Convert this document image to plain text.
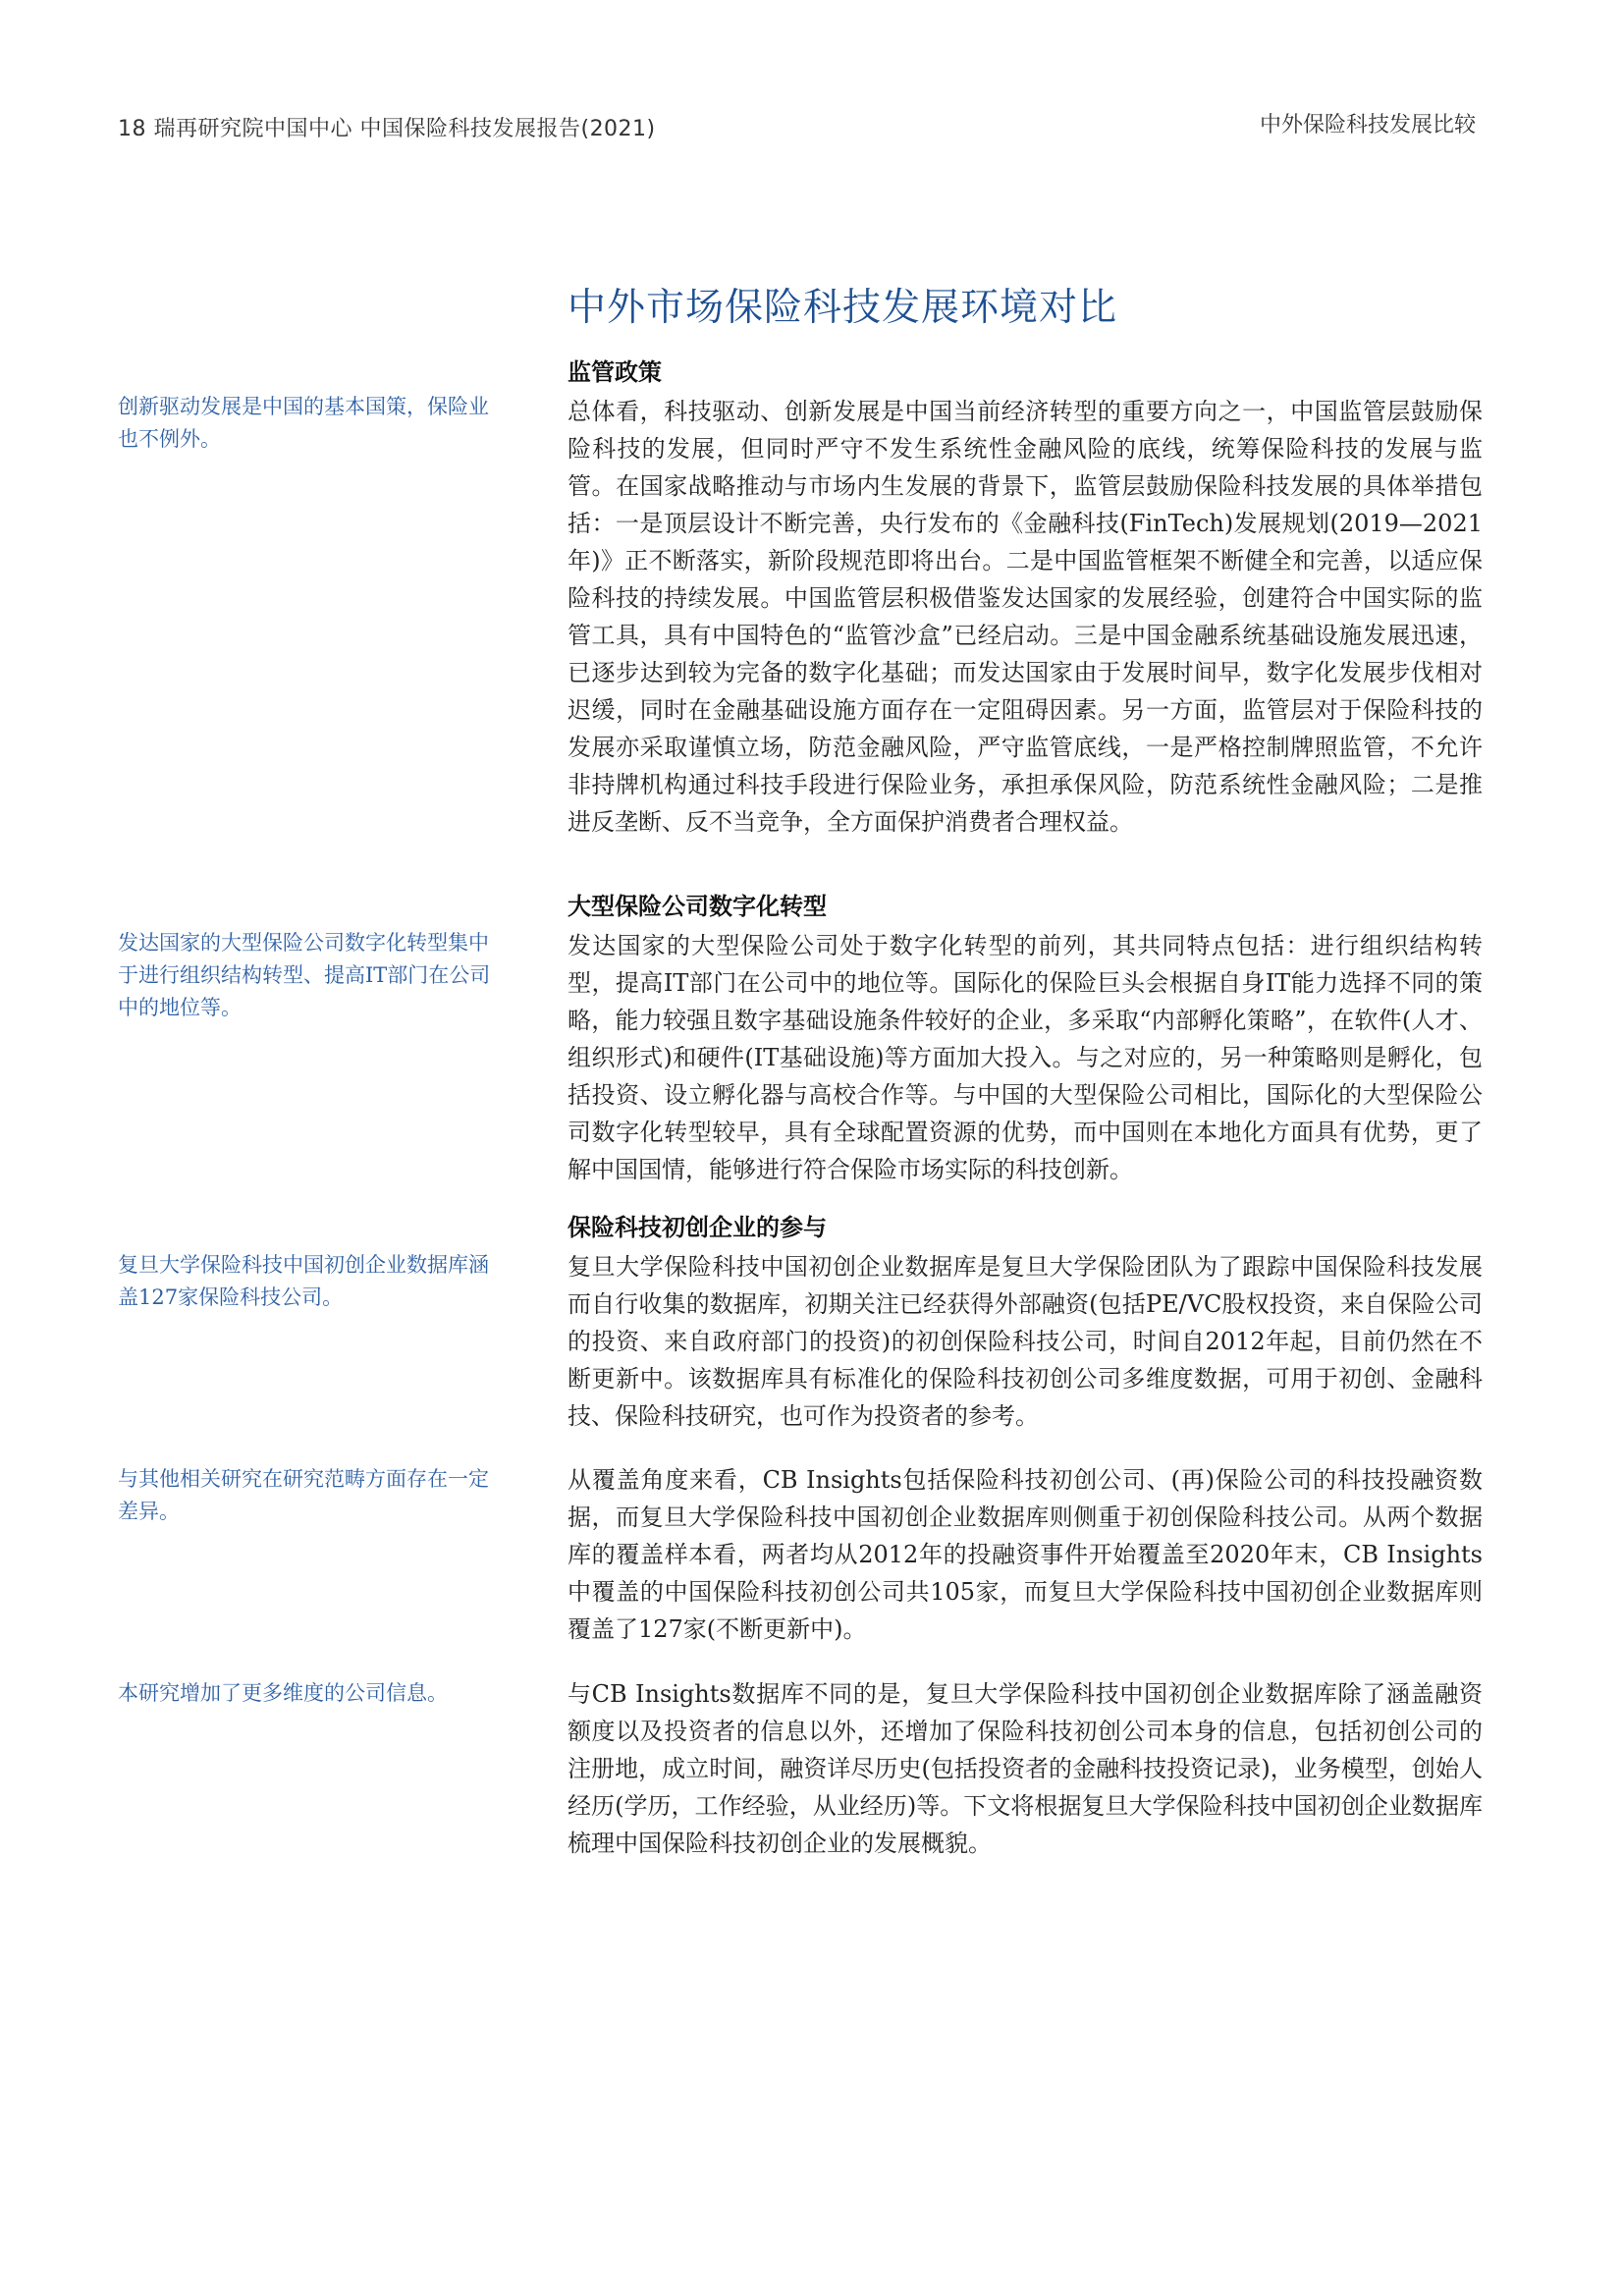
18 瑞再研究院中国中心 中国保险科技发展报告(2021)	中外保险科技发展比较
中外市场保险科技发展环境对比
监管政策

总体看，科技驱动、创新发展是中国当前经济转型的重要方向之一，中国监管层鼓励保险科技的发展，但同时严守不发生系统性金融风险的底线，统筹保险科技的发展与监管。在国家战略推动与市场内生发展的背景下，监管层鼓励保险科技发展的具体举措包括：一是顶层设计不断完善，央行发布的《金融科技(FinTech)发展规划(2019—2021年)》正不断落实，新阶段规范即将出台。二是中国监管框架不断健全和完善，以适应保险科技的持续发展。中国监管层积极借鉴发达国家的发展经验，创建符合中国实际的监管工具，具有中国特色的“监管沙盒”已经启动。三是中国金融系统基础设施发展迅速，已逐步达到较为完备的数字化基础；而发达国家由于发展时间早，数字化发展步伐相对迟缓，同时在金融基础设施方面存在一定阻碍因素。另一方面，监管层对于保险科技的发展亦采取谨慎立场，防范金融风险，严守监管底线，一是严格控制牌照监管，不允许非持牌机构通过科技手段进行保险业务，承担承保风险，防范系统性金融风险；二是推进反垄断、反不当竞争，全方面保护消费者合理权益。

大型保险公司数字化转型

发达国家的大型保险公司处于数字化转型的前列，其共同特点包括：进行组织结构转型，提高IT部门在公司中的地位等。国际化的保险巨头会根据自身IT能力选择不同的策略，能力较强且数字基础设施条件较好的企业，多采取“内部孵化策略”，在软件(人才、组织形式)和硬件(IT基础设施)等方面加大投入。与之对应的，另一种策略则是孵化，包括投资、设立孵化器与高校合作等。与中国的大型保险公司相比，国际化的大型保险公司数字化转型较早，具有全球配置资源的优势，而中国则在本地化方面具有优势，更了解中国国情，能够进行符合保险市场实际的科技创新。

保险科技初创企业的参与

复旦大学保险科技中国初创企业数据库是复旦大学保险团队为了跟踪中国保险科技发展而自行收集的数据库，初期关注已经获得外部融资(包括PE/VC股权投资，来自保险公司的投资、来自政府部门的投资)的初创保险科技公司，时间自2012年起，目前仍然在不断更新中。该数据库具有标准化的保险科技初创公司多维度数据，可用于初创、金融科技、保险科技研究，也可作为投资者的参考。

从覆盖角度来看，CB Insights包括保险科技初创公司、(再)保险公司的科技投融资数据，而复旦大学保险科技中国初创企业数据库则侧重于初创保险科技公司。从两个数据库的覆盖样本看，两者均从2012年的投融资事件开始覆盖至2020年末，CB Insights中覆盖的中国保险科技初创公司共105家，而复旦大学保险科技中国初创企业数据库则覆盖了127家(不断更新中)。

与CB Insights数据库不同的是，复旦大学保险科技中国初创企业数据库除了涵盖融资额度以及投资者的信息以外，还增加了保险科技初创公司本身的信息，包括初创公司的注册地，成立时间，融资详尽历史(包括投资者的金融科技投资记录)，业务模型，创始人经历(学历，工作经验，从业经历)等。下文将根据复旦大学保险科技中国初创企业数据库梳理中国保险科技初创企业的发展概貌。

创新驱动发展是中国的基本国策，保险业也不例外。

发达国家的大型保险公司数字化转型集中于进行组织结构转型、提高IT部门在公司中的地位等。

复旦大学保险科技中国初创企业数据库涵盖127家保险科技公司。

与其他相关研究在研究范畴方面存在一定差异。

本研究增加了更多维度的公司信息。
